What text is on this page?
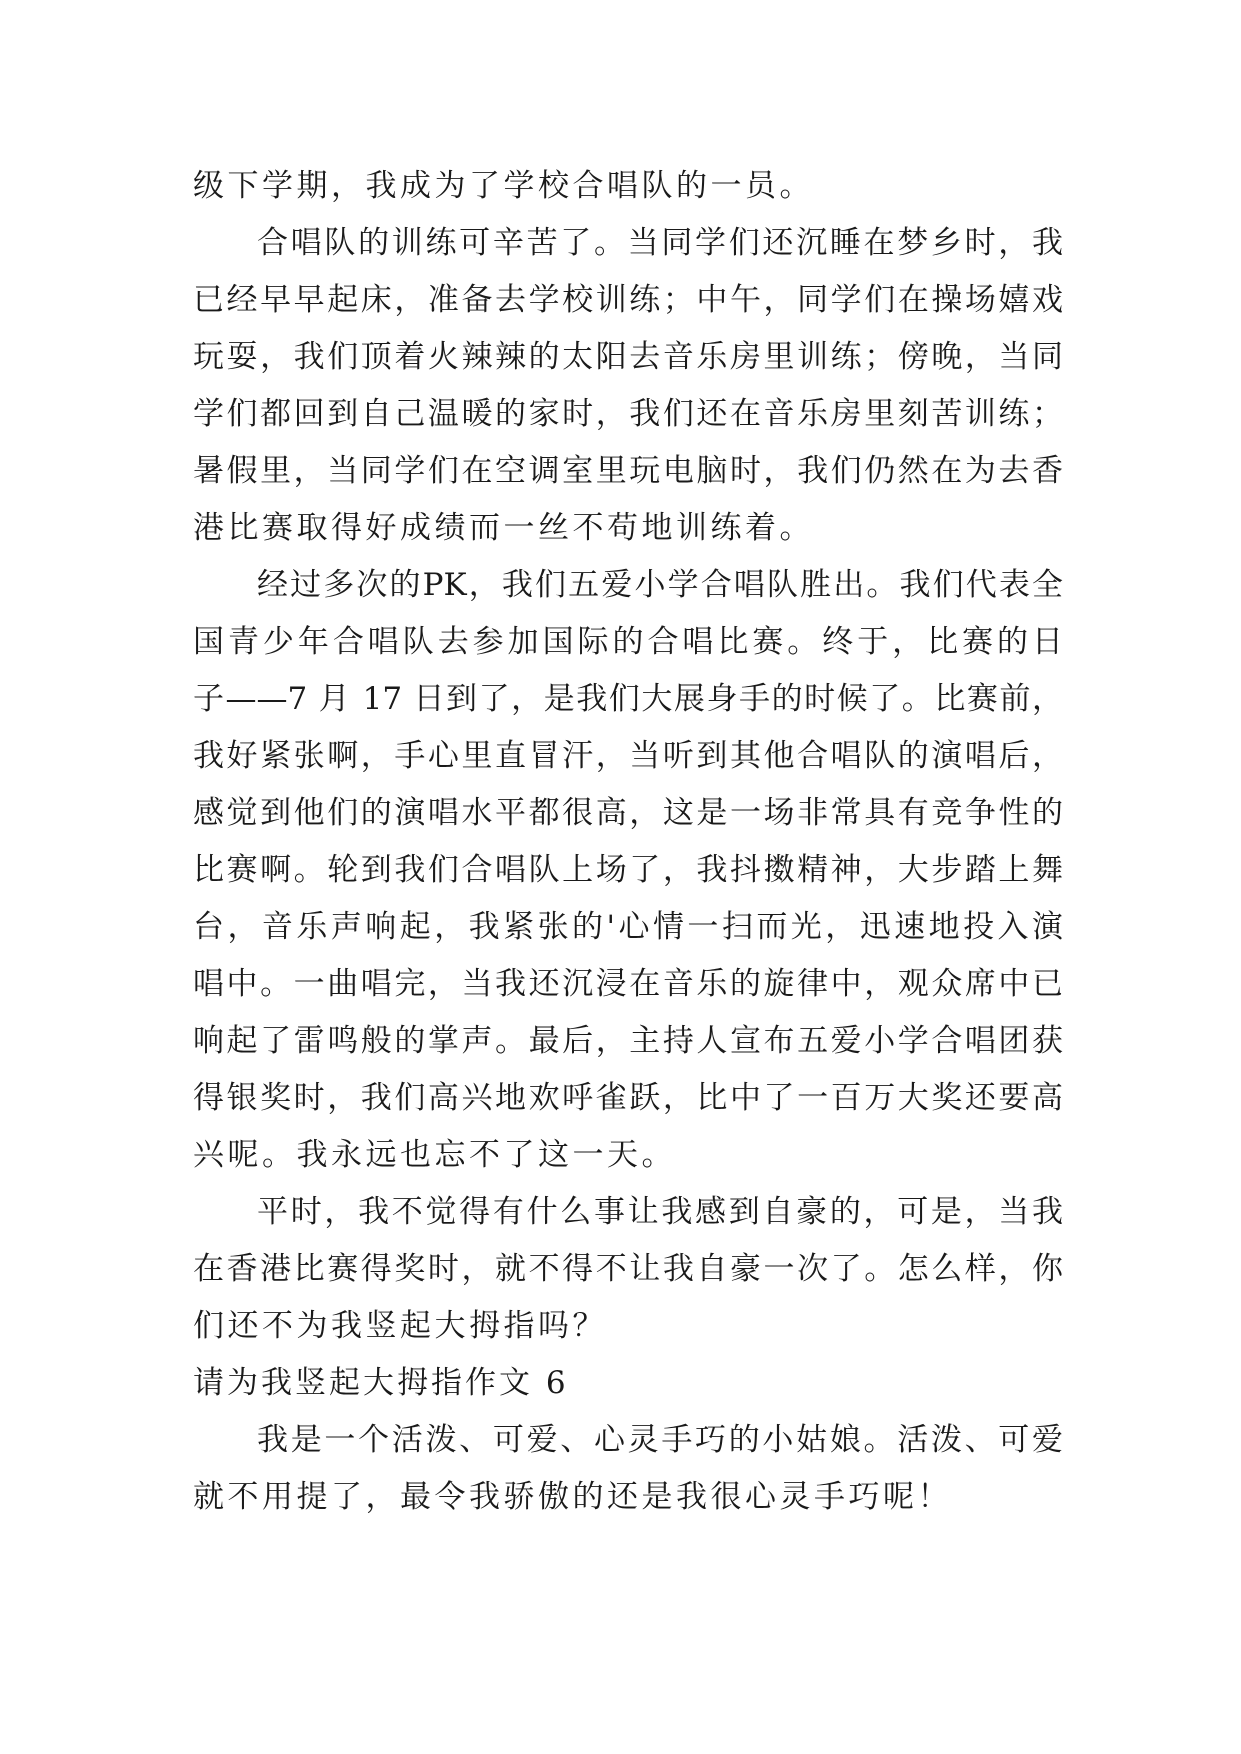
级下学期，我成为了学校合唱队的一员。
合唱队的训练可辛苦了。当同学们还沉睡在梦乡时，我
已经早早起床，准备去学校训练；中午，同学们在操场嬉戏
玩耍，我们顶着火辣辣的太阳去音乐房里训练；傍晚，当同
学们都回到自己温暖的家时，我们还在音乐房里刻苦训练；
暑假里，当同学们在空调室里玩电脑时，我们仍然在为去香
港比赛取得好成绩而一丝不苟地训练着。
经过多次的PK，我们五爱小学合唱队胜出。我们代表全
国青少年合唱队去参加国际的合唱比赛。终于，比赛的日
子——7 月 17 日到了，是我们大展身手的时候了。比赛前，
我好紧张啊，手心里直冒汗，当听到其他合唱队的演唱后，
感觉到他们的演唱水平都很高，这是一场非常具有竞争性的
比赛啊。轮到我们合唱队上场了，我抖擞精神，大步踏上舞
台，音乐声响起，我紧张的'心情一扫而光，迅速地投入演
唱中。一曲唱完，当我还沉浸在音乐的旋律中，观众席中已
响起了雷鸣般的掌声。最后，主持人宣布五爱小学合唱团获
得银奖时，我们高兴地欢呼雀跃，比中了一百万大奖还要高
兴呢。我永远也忘不了这一天。
平时，我不觉得有什么事让我感到自豪的，可是，当我
在香港比赛得奖时，就不得不让我自豪一次了。怎么样，你
们还不为我竖起大拇指吗？
请为我竖起大拇指作文 6
我是一个活泼、可爱、心灵手巧的小姑娘。活泼、可爱
就不用提了，最令我骄傲的还是我很心灵手巧呢！
